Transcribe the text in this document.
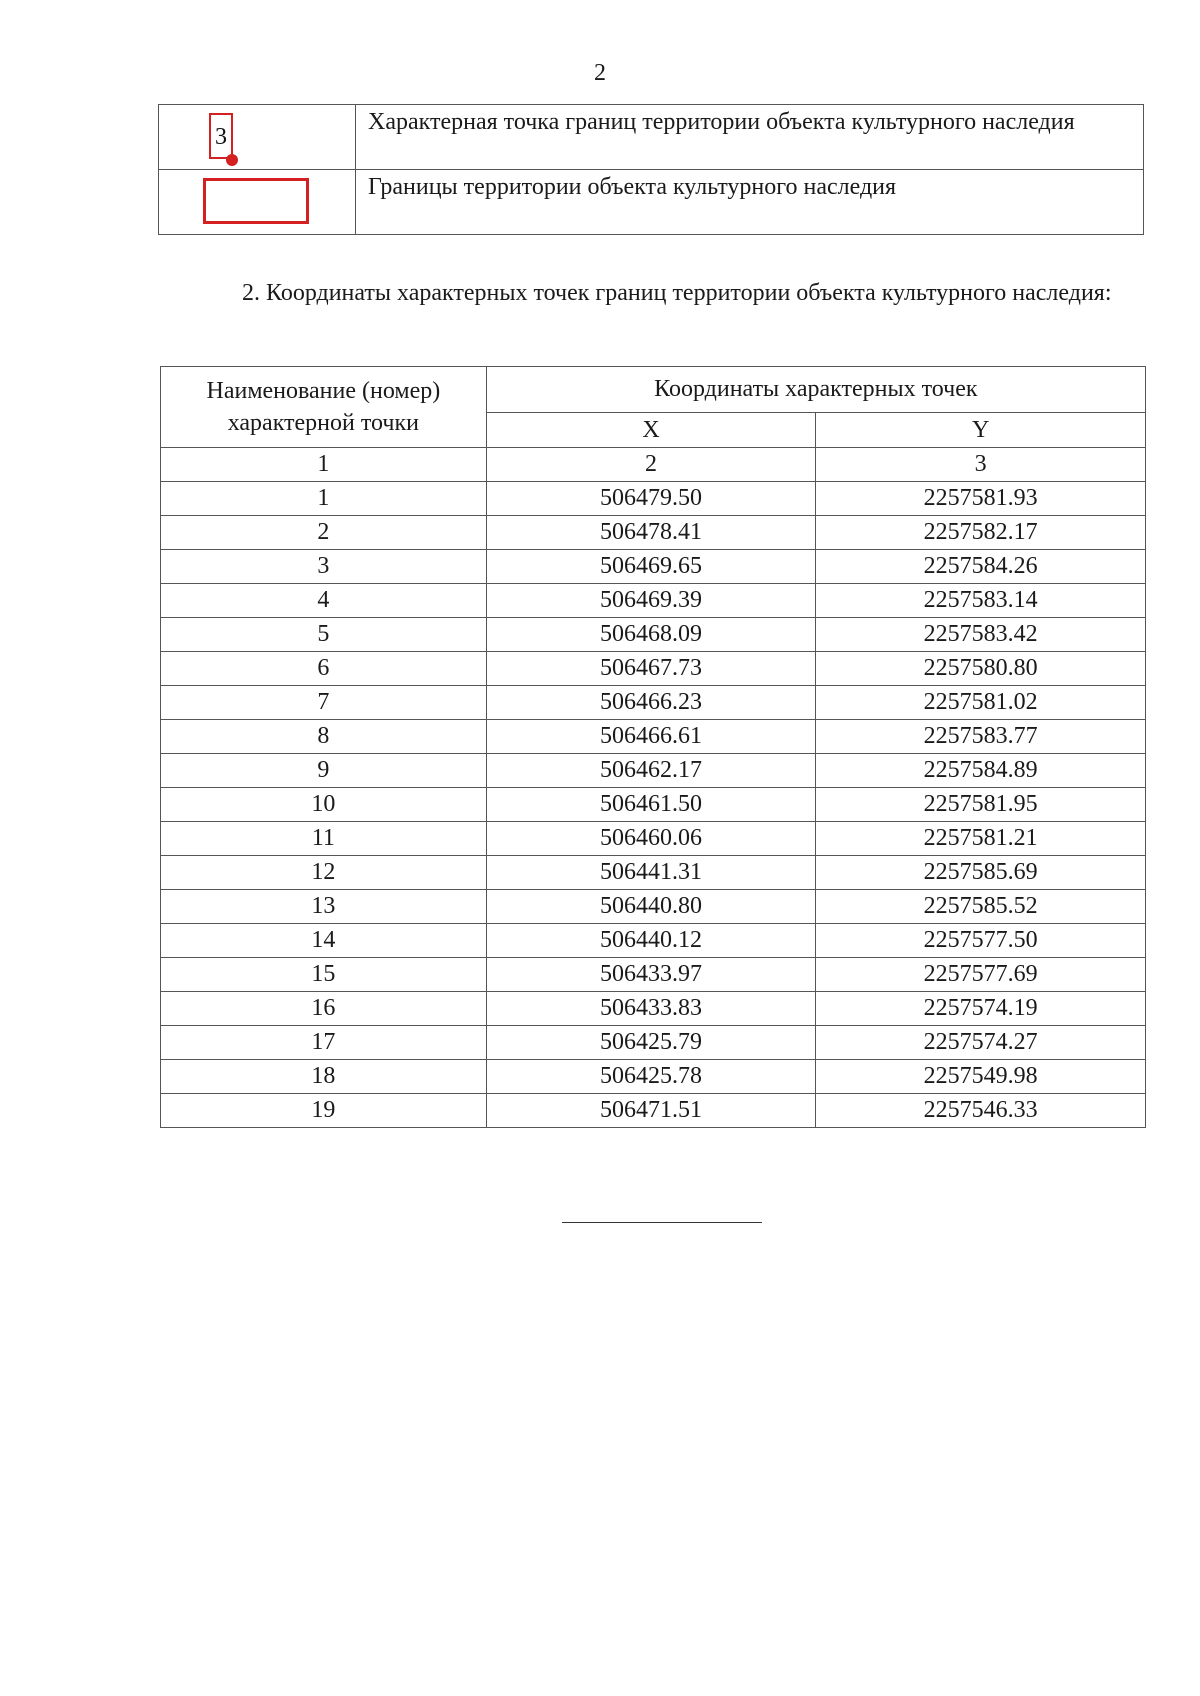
2
3	Характерная точка границ территории объекта культурного наследия

	Границы территории объекта культурного наследия
2. Координаты характерных точек границ территории объекта культурного наследия:
Наименование (номер) характерной точки	Координаты характерных точек	
	X	Y
1	2	3
1	506479.50	2257581.93
2	506478.41	2257582.17
3	506469.65	2257584.26
4	506469.39	2257583.14
5	506468.09	2257583.42
6	506467.73	2257580.80
7	506466.23	2257581.02
8	506466.61	2257583.77
9	506462.17	2257584.89
10	506461.50	2257581.95
11	506460.06	2257581.21
12	506441.31	2257585.69
13	506440.80	2257585.52
14	506440.12	2257577.50
15	506433.97	2257577.69
16	506433.83	2257574.19
17	506425.79	2257574.27
18	506425.78	2257549.98
19	506471.51	2257546.33
